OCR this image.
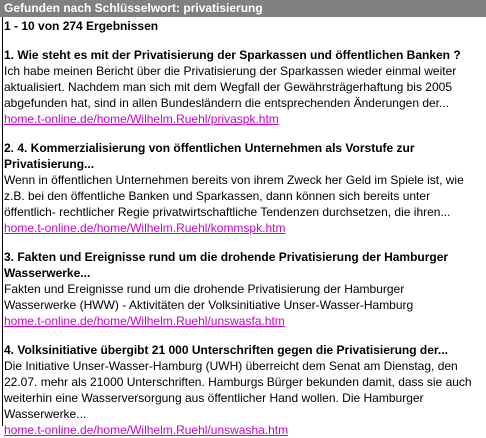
Gefunden nach Schlüsselwort: privatisierung
1 - 10 von 274 Ergebnissen
1. Wie steht es mit der Privatisierung der Sparkassen und öffentlichen Banken ?
Ich habe meinen Bericht über die Privatisierung der Sparkassen wieder einmal weiter
aktualisiert. Nachdem man sich mit dem Wegfall der Gewährsträgerhaftung bis 2005
abgefunden hat, sind in allen Bundesländern die entsprechenden Änderungen der...
home.t-online.de/home/Wilhelm.Ruehl/privaspk.htm
2. 4. Kommerzialisierung von öffentlichen Unternehmen als Vorstufe zur
Privatisierung...
Wenn in öffentlichen Unternehmen bereits von ihrem Zweck her Geld im Spiele ist, wie
z.B. bei den öffentliche Banken und Sparkassen, dann können sich bereits unter
öffentlich- rechtlicher Regie privatwirtschaftliche Tendenzen durchsetzen, die ihren...
home.t-online.de/home/Wilhelm.Ruehl/kommspk.htm
3. Fakten und Ereignisse rund um die drohende Privatisierung der Hamburger
Wasserwerke...
Fakten und Ereignisse rund um die drohende Privatisierung der Hamburger
Wasserwerke (HWW) - Aktivitäten der Volksinitiative Unser-Wasser-Hamburg
home.t-online.de/home/Wilhelm.Ruehl/unswasfa.htm
4. Volksinitiative übergibt 21 000 Unterschriften gegen die Privatisierung der...
Die Initiative Unser-Wasser-Hamburg (UWH) überreicht dem Senat am Dienstag, den
22.07. mehr als 21000 Unterschriften. Hamburgs Bürger bekunden damit, dass sie auch
weiterhin eine Wasserversorgung aus öffentlicher Hand wollen. Die Hamburger
Wasserwerke...
home.t-online.de/home/Wilhelm.Ruehl/unswasha.htm
